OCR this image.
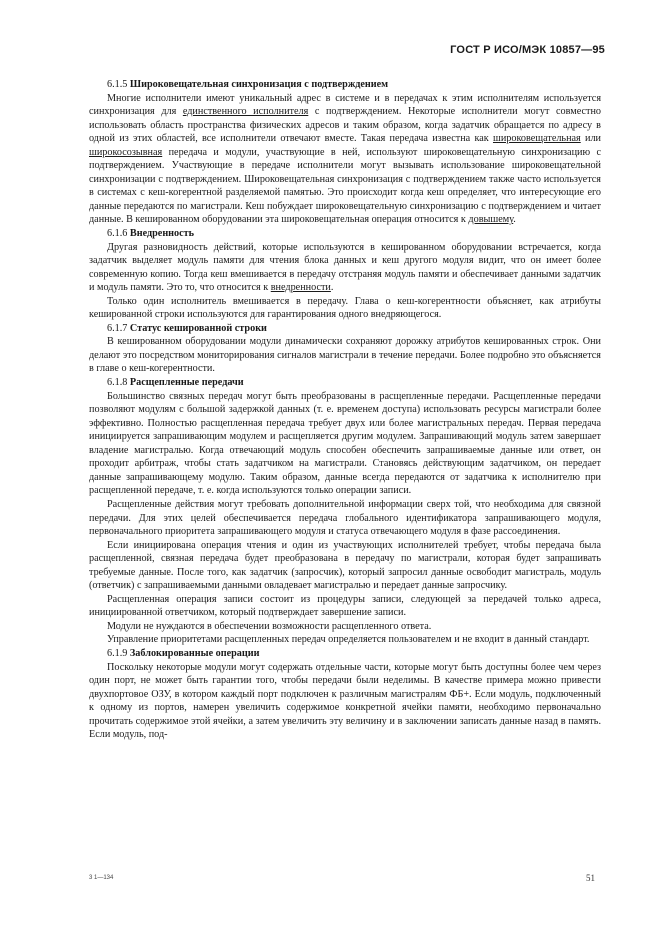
ГОСТ Р ИСО/МЭК 10857—95

6.1.5 Широковещательная синхронизация с подтверждением

Многие исполнители имеют уникальный адрес в системе и в передачах к этим исполнителям используется синхронизация для единственного исполнителя с подтверждением. Некоторые исполнители могут совместно использовать область пространства физических адресов и таким образом, когда задатчик обращается по адресу в одной из этих областей, все исполнители отвечают вместе. Такая передача известна как широковещательная или широкосозывная передача и модули, участвующие в ней, используют широковещательную синхронизацию с подтверждением. Участвующие в передаче исполнители могут вызывать использование широковещательной синхронизации с подтверждением. Широковещательная синхронизация с подтверждением также часто используется в системах с кеш-когерентной разделяемой памятью. Это происходит когда кеш определяет, что интересующие его данные передаются по магистрали. Кеш побуждает широковещательную синхронизацию с подтверждением и читает данные. В кешированном оборудовании эта широковещательная операция относится к довышему.

6.1.6 Внедренность

Другая разновидность действий, которые используются в кешированном оборудовании встречается, когда задатчик выделяет модуль памяти для чтения блока данных и кеш другого модуля видит, что он имеет более современную копию. Тогда кеш вмешивается в передачу отстраняя модуль памяти и обеспечивает данными задатчик и модуль памяти. Это то, что относится к внедренности.

Только один исполнитель вмешивается в передачу. Глава о кеш-когерентности объясняет, как атрибуты кешированной строки используются для гарантирования одного внедряющегося.

6.1.7 Статус кешированной строки

В кешированном оборудовании модули динамически сохраняют дорожку атрибутов кешированных строк. Они делают это посредством мониторирования сигналов магистрали в течение передачи. Более подробно это объясняется в главе о кеш-когерентности.

6.1.8 Расщепленные передачи

Большинство связных передач могут быть преобразованы в расщепленные передачи. Расщепленные передачи позволяют модулям с большой задержкой данных (т. е. временем доступа) использовать ресурсы магистрали более эффективно. Полностью расщепленная передача требует двух или более магистральных передач. Первая передача инициируется запрашивающим модулем и расщепляется другим модулем. Запрашивающий модуль затем завершает владение магистралью. Когда отвечающий модуль способен обеспечить запрашиваемые данные или ответ, он проходит арбитраж, чтобы стать задатчиком на магистрали. Становясь действующим задатчиком, он передает данные запрашивающему модулю. Таким образом, данные всегда передаются от задатчика к исполнителю при расщепленной передаче, т. е. когда используются только операции записи.

Расщепленные действия могут требовать дополнительной информации сверх той, что необходима для связной передачи. Для этих целей обеспечивается передача глобального идентификатора запрашивающего модуля, первоначального приоритета запрашивающего модуля и статуса отвечающего модуля в фазе рассоединения.

Если инициирована операция чтения и один из участвующих исполнителей требует, чтобы передача была расщепленной, связная передача будет преобразована в передачу по магистрали, которая будет запрашивать требуемые данные. После того, как задатчик (запросчик), который запросил данные освободит магистраль, модуль (ответчик) с запрашиваемыми данными овладевает магистралью и передает данные запросчику.

Расщепленная операция записи состоит из процедуры записи, следующей за передачей только адреса, инициированной ответчиком, который подтверждает завершение записи.

Модули не нуждаются в обеспечении возможности расщепленного ответа.

Управление приоритетами расщепленных передач определяется пользователем и не входит в данный стандарт.

6.1.9 Заблокированные операции

Поскольку некоторые модули могут содержать отдельные части, которые могут быть доступны более чем через один порт, не может быть гарантии того, чтобы передачи были неделимы. В качестве примера можно привести двухпортовое ОЗУ, в котором каждый порт подключен к различным магистралям ФБ+. Если модуль, подключенный к одному из портов, намерен увеличить содержимое конкретной ячейки памяти, необходимо первоначально прочитать содержимое этой ячейки, а затем увеличить эту величину и в заключении записать данные назад в память. Если модуль, под-

3 1—134	51
